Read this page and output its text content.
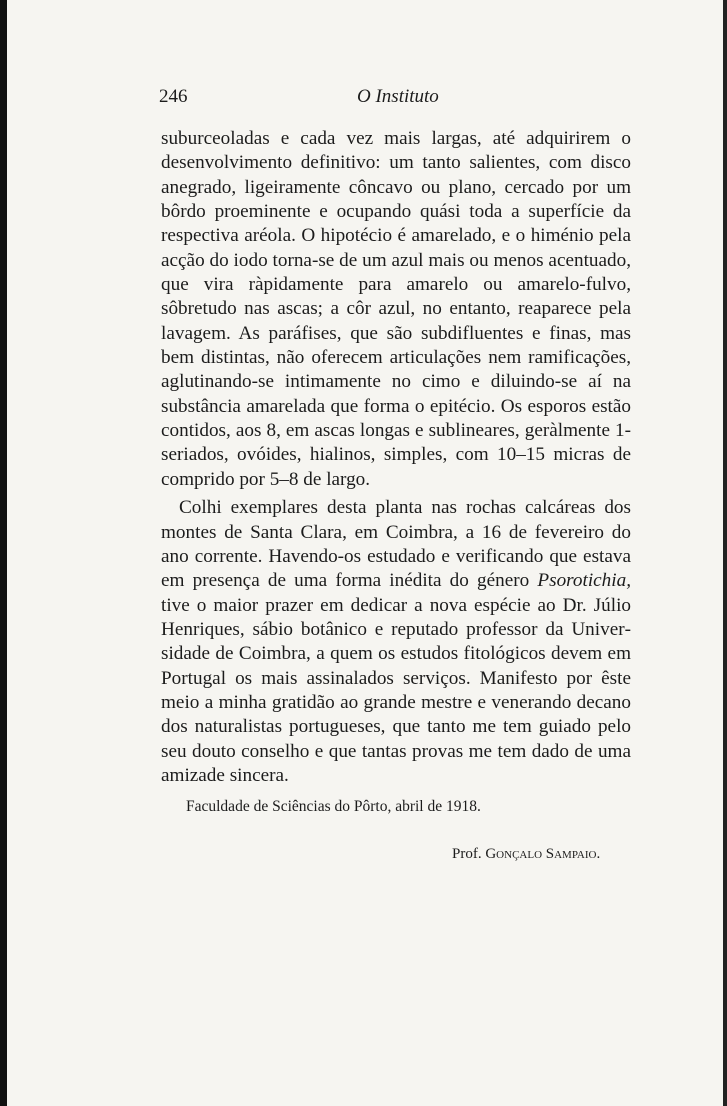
246	O Instituto

suburceoladas e cada vez mais largas, até adquirirem o desenvolvimento definitivo: um tanto salientes, com disco anegrado, ligeiramente côncavo ou plano, cercado por um bôrdo proeminente e ocupando quási toda a superfície da respectiva aréola. O hipotécio é amarelado, e o himénio pela acção do iodo torna-se de um azul mais ou menos acentuado, que vira ràpidamente para amarelo ou amarelo-fulvo, sôbretudo nas ascas; a côr azul, no entanto, reaparece pela lavagem. As paráfises, que são subdifluentes e finas, mas bem distintas, não oferecem articulações nem ramificações, aglutinando-se intimamente no cimo e diluindo-se aí na substância amarelada que forma o epitécio. Os esporos estão contidos, aos 8, em ascas longas e sublineares, geràlmente 1-seriados, ovóides, hialinos, simples, com 10–15 micras de comprido por 5–8 de largo.

Colhi exemplares desta planta nas rochas calcáreas dos montes de Santa Clara, em Coimbra, a 16 de fevereiro do ano corrente. Havendo-os estudado e verificando que estava em presença de uma forma inédita do género Psorotichia, tive o maior prazer em dedicar a nova espécie ao Dr. Júlio Henriques, sábio botânico e reputado professor da Universidade de Coimbra, a quem os estudos fitológicos devem em Portugal os mais assinalados serviços. Manifesto por êste meio a minha gratidão ao grande mestre e venerando decano dos naturalistas portugueses, que tanto me tem guiado pelo seu douto conselho e que tantas provas me tem dado de uma amizade sincera.

Faculdade de Sciências do Pôrto, abril de 1918.
Prof. Gonçalo Sampaio.
